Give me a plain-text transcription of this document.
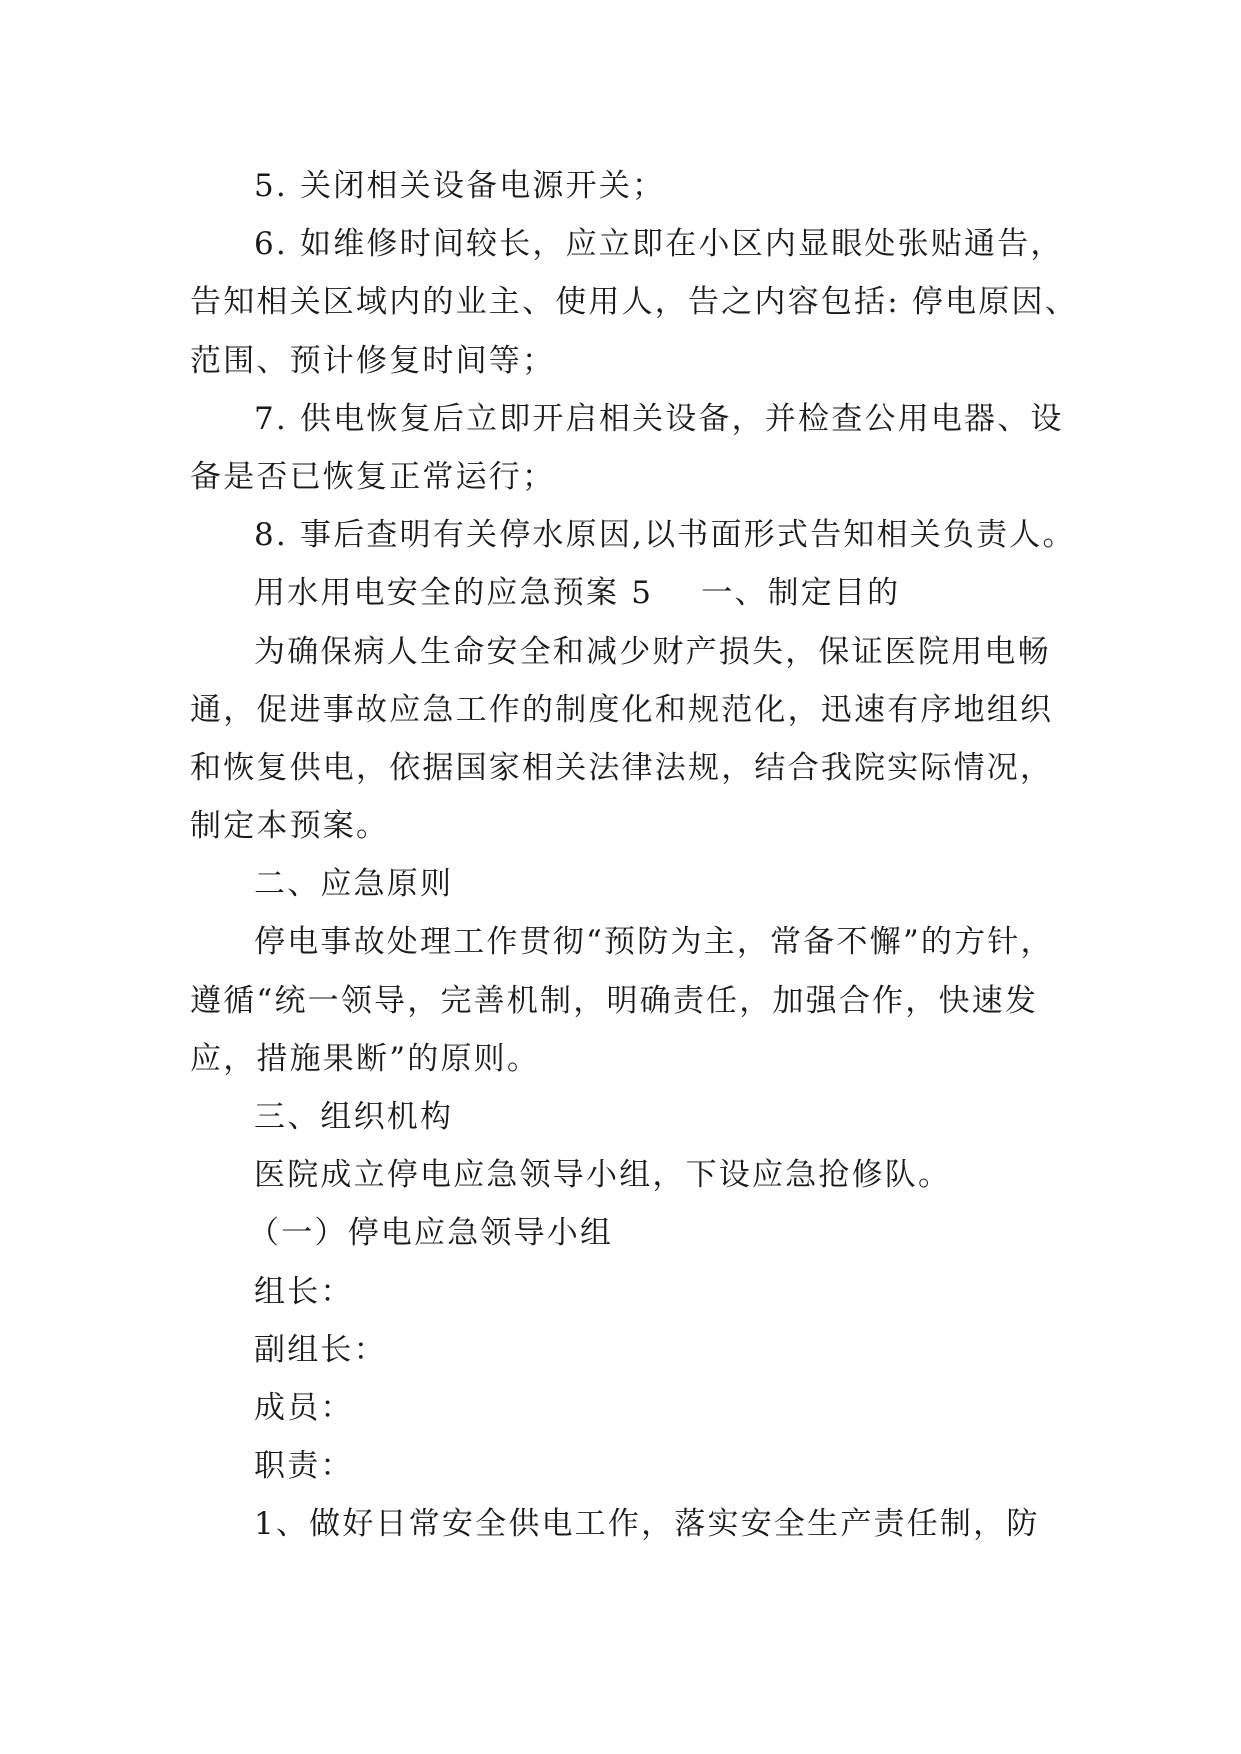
5. 关闭相关设备电源开关；
6. 如维修时间较长，应立即在小区内显眼处张贴通告，
告知相关区域内的业主、使用人，告之内容包括: 停电原因、
范围、预计修复时间等；
7. 供电恢复后立即开启相关设备，并检查公用电器、设
备是否已恢复正常运行；
8. 事后查明有关停水原因,以书面形式告知相关负责人。
用水用电安全的应急预案 5 一、制定目的
为确保病人生命安全和减少财产损失，保证医院用电畅
通，促进事故应急工作的制度化和规范化，迅速有序地组织
和恢复供电，依据国家相关法律法规，结合我院实际情况，
制定本预案。
二、应急原则
停电事故处理工作贯彻“预防为主，常备不懈”的方针，
遵循“统一领导，完善机制，明确责任，加强合作，快速发
应，措施果断”的原则。
三、组织机构
医院成立停电应急领导小组，下设应急抢修队。
（一）停电应急领导小组
组长：
副组长：
成员：
职责：
1、做好日常安全供电工作，落实安全生产责任制，防
